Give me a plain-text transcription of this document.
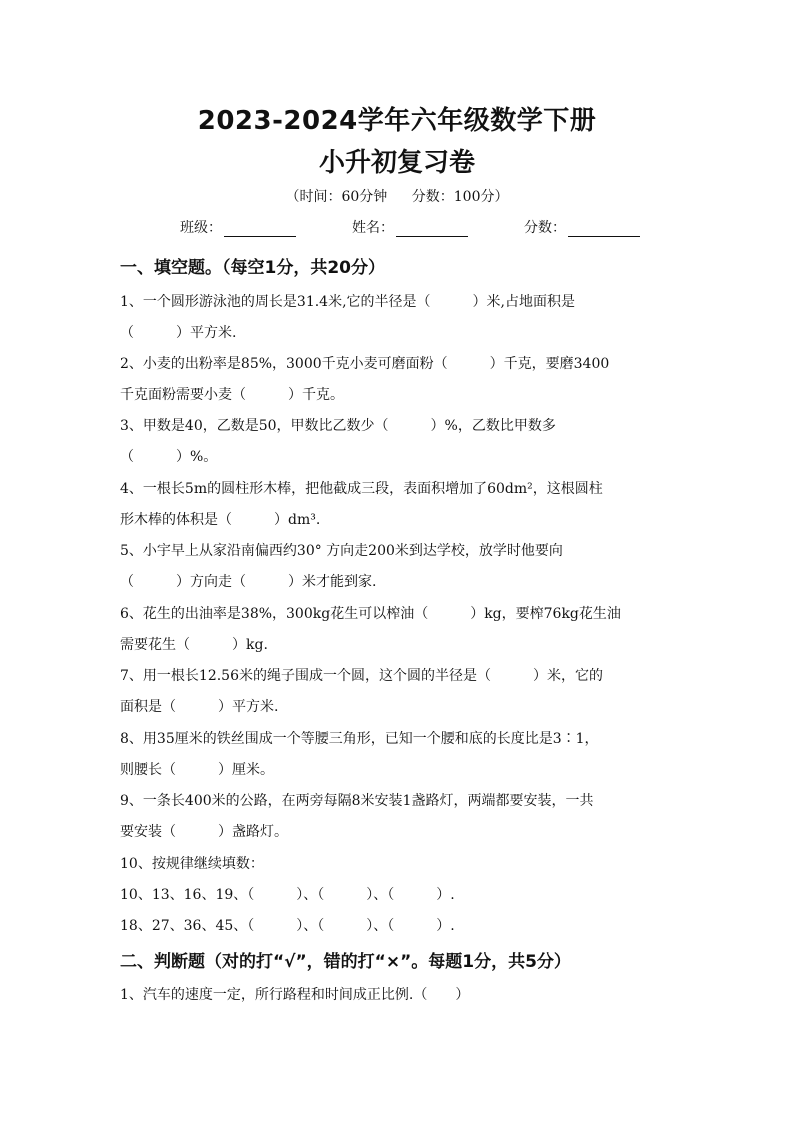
2023-2024学年六年级数学下册
小升初复习卷
（时间：60分钟 分数：100分）
班级：	姓名：	分数：
一、填空题。（每空1分，共20分）
1、一个圆形游泳池的周长是31.4米,它的半径是（　　　）米,占地面积是
（　　　）平方米.
2、小麦的出粉率是85%，3000千克小麦可磨面粉（　　　）千克，要磨3400
千克面粉需要小麦（　　　）千克。
3、甲数是40，乙数是50，甲数比乙数少（　　　）%，乙数比甲数多
（　　　）%。
4、一根长5m的圆柱形木棒，把他截成三段，表面积增加了60dm²，这根圆柱
形木棒的体积是（　　　）dm³.
5、小宇早上从家沿南偏西约30° 方向走200米到达学校，放学时他要向
（　　　）方向走（　　　）米才能到家.
6、花生的出油率是38%，300kg花生可以榨油（　　　）kg，要榨76kg花生油
需要花生（　　　）kg.
7、用一根长12.56米的绳子围成一个圆，这个圆的半径是（　　　）米，它的
面积是（　　　）平方米.
8、用35厘米的铁丝围成一个等腰三角形，已知一个腰和底的长度比是3∶1，
则腰长（　　　）厘米。
9、一条长400米的公路，在两旁每隔8米安装1盏路灯，两端都要安装，一共
要安装（　　　）盏路灯。
10、按规律继续填数：
10、13、16、19、（　　　）、（　　　）、（　　　）.
18、27、36、45、（　　　）、（　　　）、（　　　）.
二、判断题（对的打“√”，错的打“×”。每题1分，共5分）
1、汽车的速度一定，所行路程和时间成正比例.（　　）
